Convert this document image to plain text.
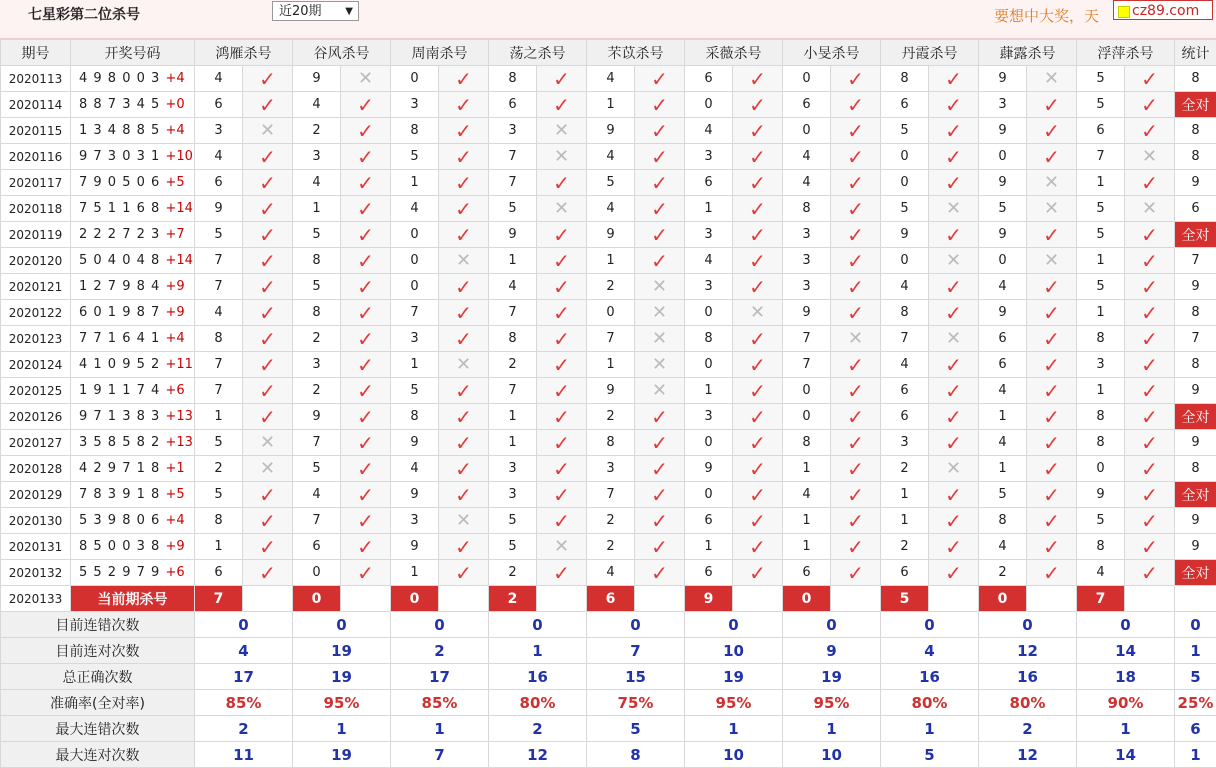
七星彩第二位杀号	近20期 ▼	要想中大奖，天	cz89.com
期号	开奖号码	鸿雁杀号		谷风杀号		周南杀号		荡之杀号		芣苡杀号		采薇杀号		小旻杀号		丹霞杀号		蕼露杀号		浮萍杀号		统计
2020113	4 9 8 0 0 3 +4	4	✓	9	✕	0	✓	8	✓	4	✓	6	✓	0	✓	8	✓	9	✕	5	✓	8
2020114	8 8 7 3 4 5 +0	6	✓	4	✓	3	✓	6	✓	1	✓	0	✓	6	✓	6	✓	3	✓	5	✓	全对
2020115	1 3 4 8 8 5 +4	3	✕	2	✓	8	✓	3	✕	9	✓	4	✓	0	✓	5	✓	9	✓	6	✓	8
2020116	9 7 3 0 3 1 +10	4	✓	3	✓	5	✓	7	✕	4	✓	3	✓	4	✓	0	✓	0	✓	7	✕	8
2020117	7 9 0 5 0 6 +5	6	✓	4	✓	1	✓	7	✓	5	✓	6	✓	4	✓	0	✓	9	✕	1	✓	9
2020118	7 5 1 1 6 8 +14	9	✓	1	✓	4	✓	5	✕	4	✓	1	✓	8	✓	5	✕	5	✕	5	✕	6
2020119	2 2 2 7 2 3 +7	5	✓	5	✓	0	✓	9	✓	9	✓	3	✓	3	✓	9	✓	9	✓	5	✓	全对
2020120	5 0 4 0 4 8 +14	7	✓	8	✓	0	✕	1	✓	1	✓	4	✓	3	✓	0	✕	0	✕	1	✓	7
2020121	1 2 7 9 8 4 +9	7	✓	5	✓	0	✓	4	✓	2	✕	3	✓	3	✓	4	✓	4	✓	5	✓	9
2020122	6 0 1 9 8 7 +9	4	✓	8	✓	7	✓	7	✓	0	✕	0	✕	9	✓	8	✓	9	✓	1	✓	8
2020123	7 7 1 6 4 1 +4	8	✓	2	✓	3	✓	8	✓	7	✕	8	✓	7	✕	7	✕	6	✓	8	✓	7
2020124	4 1 0 9 5 2 +11	7	✓	3	✓	1	✕	2	✓	1	✕	0	✓	7	✓	4	✓	6	✓	3	✓	8
2020125	1 9 1 1 7 4 +6	7	✓	2	✓	5	✓	7	✓	9	✕	1	✓	0	✓	6	✓	4	✓	1	✓	9
2020126	9 7 1 3 8 3 +13	1	✓	9	✓	8	✓	1	✓	2	✓	3	✓	0	✓	6	✓	1	✓	8	✓	全对
2020127	3 5 8 5 8 2 +13	5	✕	7	✓	9	✓	1	✓	8	✓	0	✓	8	✓	3	✓	4	✓	8	✓	9
2020128	4 2 9 7 1 8 +1	2	✕	5	✓	4	✓	3	✓	3	✓	9	✓	1	✓	2	✕	1	✓	0	✓	8
2020129	7 8 3 9 1 8 +5	5	✓	4	✓	9	✓	3	✓	7	✓	0	✓	4	✓	1	✓	5	✓	9	✓	全对
2020130	5 3 9 8 0 6 +4	8	✓	7	✓	3	✕	5	✓	2	✓	6	✓	1	✓	1	✓	8	✓	5	✓	9
2020131	8 5 0 0 3 8 +9	1	✓	6	✓	9	✓	5	✕	2	✓	1	✓	1	✓	2	✓	4	✓	8	✓	9
2020132	5 5 2 9 7 9 +6	6	✓	0	✓	1	✓	2	✓	4	✓	6	✓	6	✓	6	✓	2	✓	4	✓	全对
2020133	当前期杀号	7		0		0		2		6		9		0		5		0		7		
目前连错次数		0		0		0		0		0		0		0		0		0		0		0
目前连对次数		4		19		2		1		7		10		9		4		12		14		1
总正确次数		17		19		17		16		15		19		19		16		16		18		5
准确率(全对率)		85%		95%		85%		80%		75%		95%		95%		80%		80%		90%		25%
最大连错次数		2		1		1		2		5		1		1		1		2		1		6
最大连对次数		11		19		7		12		8		10		10		5		12		14		1
